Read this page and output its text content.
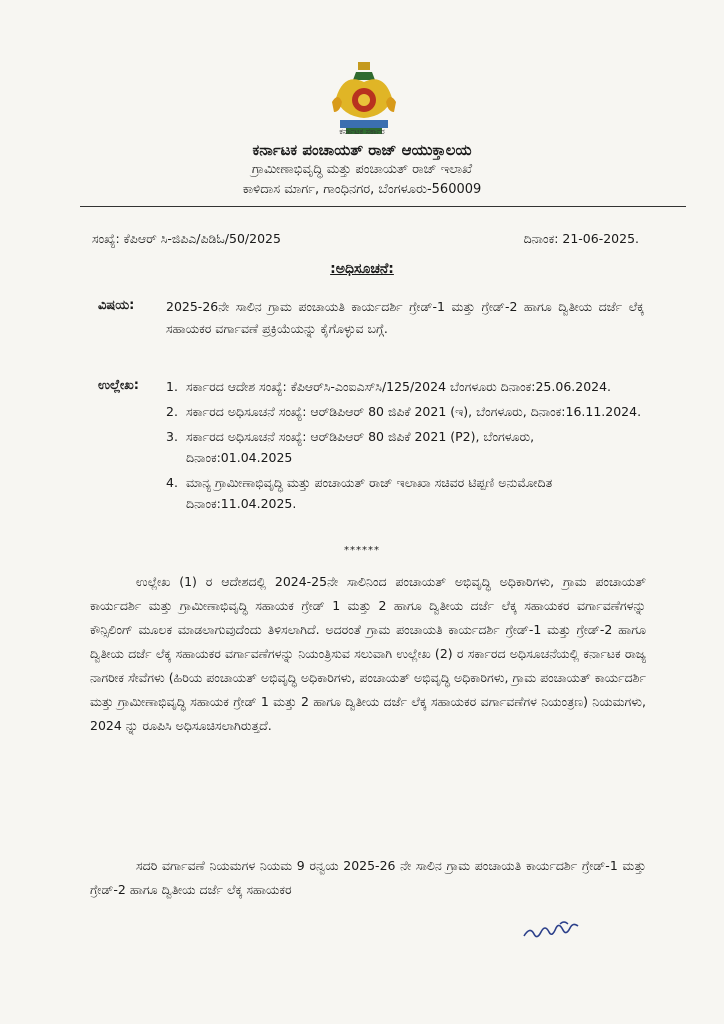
ಕರ್ನಾಟಕ ಸರ್ಕಾರ
ಕರ್ನಾಟಕ ಪಂಚಾಯತ್ ರಾಜ್ ಆಯುಕ್ತಾಲಯ
ಗ್ರಾಮೀಣಾಭಿವೃದ್ಧಿ ಮತ್ತು ಪಂಚಾಯತ್ ರಾಜ್ ಇಲಾಖೆ
ಕಾಳಿದಾಸ ಮಾರ್ಗ, ಗಾಂಧಿನಗರ, ಬೆಂಗಳೂರು-560009
ಸಂಖ್ಯೆ: ಕೆಪಿಆರ್ ಸಿ-ಜಿಪಿಎ/ಪಿಡಿಓ/50/2025	ದಿನಾಂಕ: 21-06-2025.
:ಅಧಿಸೂಚನೆ:
ವಿಷಯ:	2025-26ನೇ ಸಾಲಿನ ಗ್ರಾಮ ಪಂಚಾಯತಿ ಕಾರ್ಯದರ್ಶಿ ಗ್ರೇಡ್-1 ಮತ್ತು ಗ್ರೇಡ್-2 ಹಾಗೂ ದ್ವಿತೀಯ ದರ್ಜೆ ಲೆಕ್ಕ ಸಹಾಯಕರ ವರ್ಗಾವಣೆ ಪ್ರಕ್ರಿಯೆಯನ್ನು ಕೈಗೊಳ್ಳುವ ಬಗ್ಗೆ.
ಉಲ್ಲೇಖ: 1. ಸರ್ಕಾರದ ಆದೇಶ ಸಂಖ್ಯೆ: ಕೆಪಿಆರ್‌ಸಿ-ಎಂಐಎಸ್‌ಸಿ/125/2024 ಬೆಂಗಳೂರು ದಿನಾಂಕ:25.06.2024.
2. ಸರ್ಕಾರದ ಅಧಿಸೂಚನೆ ಸಂಖ್ಯೆ: ಆರ್‌ಡಿಪಿಆರ್ 80 ಜಿಪಿಕೆ 2021 (ಇ), ಬೆಂಗಳೂರು, ದಿನಾಂಕ:16.11.2024.
3. ಸರ್ಕಾರದ ಅಧಿಸೂಚನೆ ಸಂಖ್ಯೆ: ಆರ್‌ಡಿಪಿಆರ್ 80 ಜಿಪಿಕೆ 2021 (P2), ಬೆಂಗಳೂರು, ದಿನಾಂಕ:01.04.2025
4. ಮಾನ್ಯ ಗ್ರಾಮೀಣಾಭಿವೃದ್ಧಿ ಮತ್ತು ಪಂಚಾಯತ್ ರಾಜ್ ಇಲಾಖಾ ಸಚಿವರ ಟಿಪ್ಪಣಿ ಅನುಮೋದಿತ ದಿನಾಂಕ:11.04.2025.
******

ಉಲ್ಲೇಖ (1) ರ ಆದೇಶದಲ್ಲಿ 2024-25ನೇ ಸಾಲಿನಿಂದ ಪಂಚಾಯತ್ ಅಭಿವೃದ್ಧಿ ಅಧಿಕಾರಿಗಳು, ಗ್ರಾಮ ಪಂಚಾಯತ್ ಕಾರ್ಯದರ್ಶಿ ಮತ್ತು ಗ್ರಾಮೀಣಾಭಿವೃದ್ಧಿ ಸಹಾಯಕ ಗ್ರೇಡ್ 1 ಮತ್ತು 2 ಹಾಗೂ ದ್ವಿತೀಯ ದರ್ಜೆ ಲೆಕ್ಕ ಸಹಾಯಕರ ವರ್ಗಾವಣೆಗಳನ್ನು ಕೌನ್ಸಿಲಿಂಗ್ ಮೂಲಕ ಮಾಡಲಾಗುವುದೆಂದು ತಿಳಿಸಲಾಗಿದೆ. ಅದರಂತೆ ಗ್ರಾಮ ಪಂಚಾಯತಿ ಕಾರ್ಯದರ್ಶಿ ಗ್ರೇಡ್-1 ಮತ್ತು ಗ್ರೇಡ್-2 ಹಾಗೂ ದ್ವಿತೀಯ ದರ್ಜೆ ಲೆಕ್ಕ ಸಹಾಯಕರ ವರ್ಗಾವಣೆಗಳನ್ನು ನಿಯಂತ್ರಿಸುವ ಸಲುವಾಗಿ ಉಲ್ಲೇಖ (2) ರ ಸರ್ಕಾರದ ಅಧಿಸೂಚನೆಯಲ್ಲಿ ಕರ್ನಾಟಕ ರಾಜ್ಯ ನಾಗರೀಕ ಸೇವೆಗಳು (ಹಿರಿಯ ಪಂಚಾಯತ್ ಅಭಿವೃದ್ಧಿ ಅಧಿಕಾರಿಗಳು, ಪಂಚಾಯತ್ ಅಭಿವೃದ್ಧಿ ಅಧಿಕಾರಿಗಳು, ಗ್ರಾಮ ಪಂಚಾಯತ್ ಕಾರ್ಯದರ್ಶಿ ಮತ್ತು ಗ್ರಾಮೀಣಾಭಿವೃದ್ಧಿ ಸಹಾಯಕ ಗ್ರೇಡ್ 1 ಮತ್ತು 2 ಹಾಗೂ ದ್ವಿತೀಯ ದರ್ಜೆ ಲೆಕ್ಕ ಸಹಾಯಕರ ವರ್ಗಾವಣೆಗಳ ನಿಯಂತ್ರಣ) ನಿಯಮಗಳು, 2024 ನ್ನು ರೂಪಿಸಿ ಅಧಿಸೂಚಿಸಲಾಗಿರುತ್ತದೆ.

ಸದರಿ ವರ್ಗಾವಣೆ ನಿಯಮಗಳ ನಿಯಮ 9 ರನ್ವಯ 2025-26 ನೇ ಸಾಲಿನ ಗ್ರಾಮ ಪಂಚಾಯತಿ ಕಾರ್ಯದರ್ಶಿ ಗ್ರೇಡ್-1 ಮತ್ತು ಗ್ರೇಡ್-2 ಹಾಗೂ ದ್ವಿತೀಯ ದರ್ಜೆ ಲೆಕ್ಕ ಸಹಾಯಕರ
